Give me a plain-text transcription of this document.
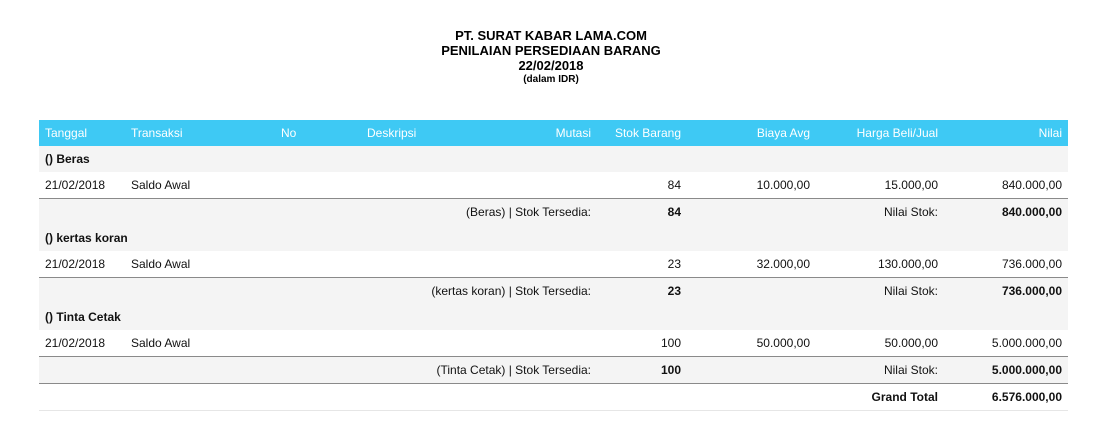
PT. SURAT KABAR LAMA.COM
PENILAIAN PERSEDIAAN BARANG
22/02/2018
(dalam IDR)
Tanggal	Transaksi	No	Deskripsi	Mutasi	Stok Barang	Biaya Avg	Harga Beli/Jual	Nilai
() Beras								
21/02/2018	Saldo Awal				84	10.000,00	15.000,00	840.000,00
(Beras) | Stok Tersedia:					84		Nilai Stok:	840.000,00
() kertas koran								
21/02/2018	Saldo Awal				23	32.000,00	130.000,00	736.000,00
(kertas koran) | Stok Tersedia:					23		Nilai Stok:	736.000,00
() Tinta Cetak								
21/02/2018	Saldo Awal				100	50.000,00	50.000,00	5.000.000,00
(Tinta Cetak) | Stok Tersedia:					100		Nilai Stok:	5.000.000,00
							Grand Total	6.576.000,00
